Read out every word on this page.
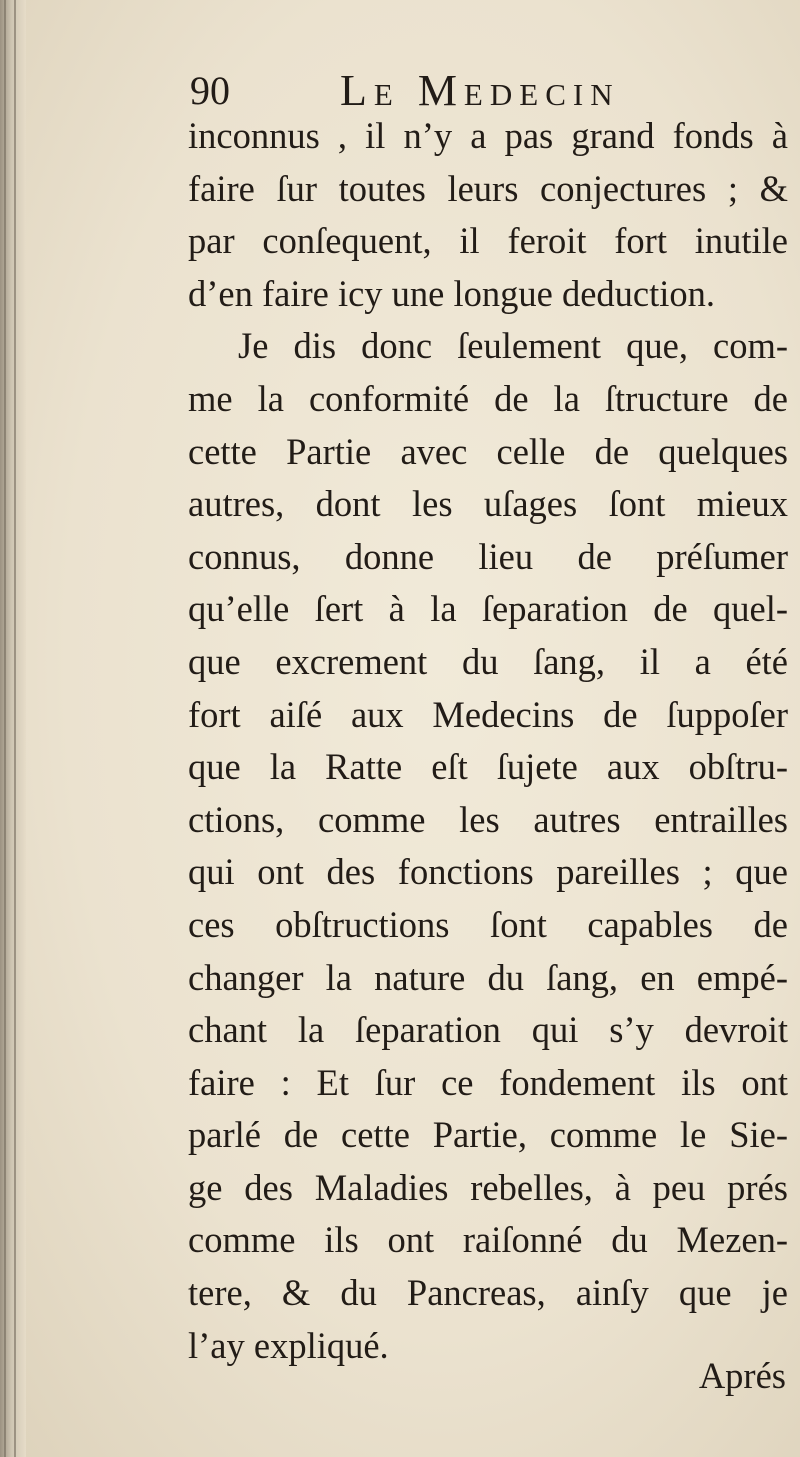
90	Le Medecin
inconnus , il n’y a pas grand fonds à
faire ſur toutes leurs conjectures ; &
par conſequent, il feroit fort inutile
d’en faire icy une longue deduction.
Je dis donc ſeulement que, com-
me la conformité de la ſtructure de
cette Partie avec celle de quelques
autres, dont les uſages ſont mieux
connus, donne lieu de préſumer
qu’elle ſert à la ſeparation de quel-
que excrement du ſang, il a été
fort aiſé aux Medecins de ſuppoſer
que la Ratte eſt ſujete aux obſtru-
ctions, comme les autres entrailles
qui ont des fonctions pareilles ; que
ces obſtructions ſont capables de
changer la nature du ſang, en empé-
chant la ſeparation qui s’y devroit
faire : Et ſur ce fondement ils ont
parlé de cette Partie, comme le Sie-
ge des Maladies rebelles, à peu prés
comme ils ont raiſonné du Mezen-
tere, & du Pancreas, ainſy que je
l’ay expliqué.
Aprés
